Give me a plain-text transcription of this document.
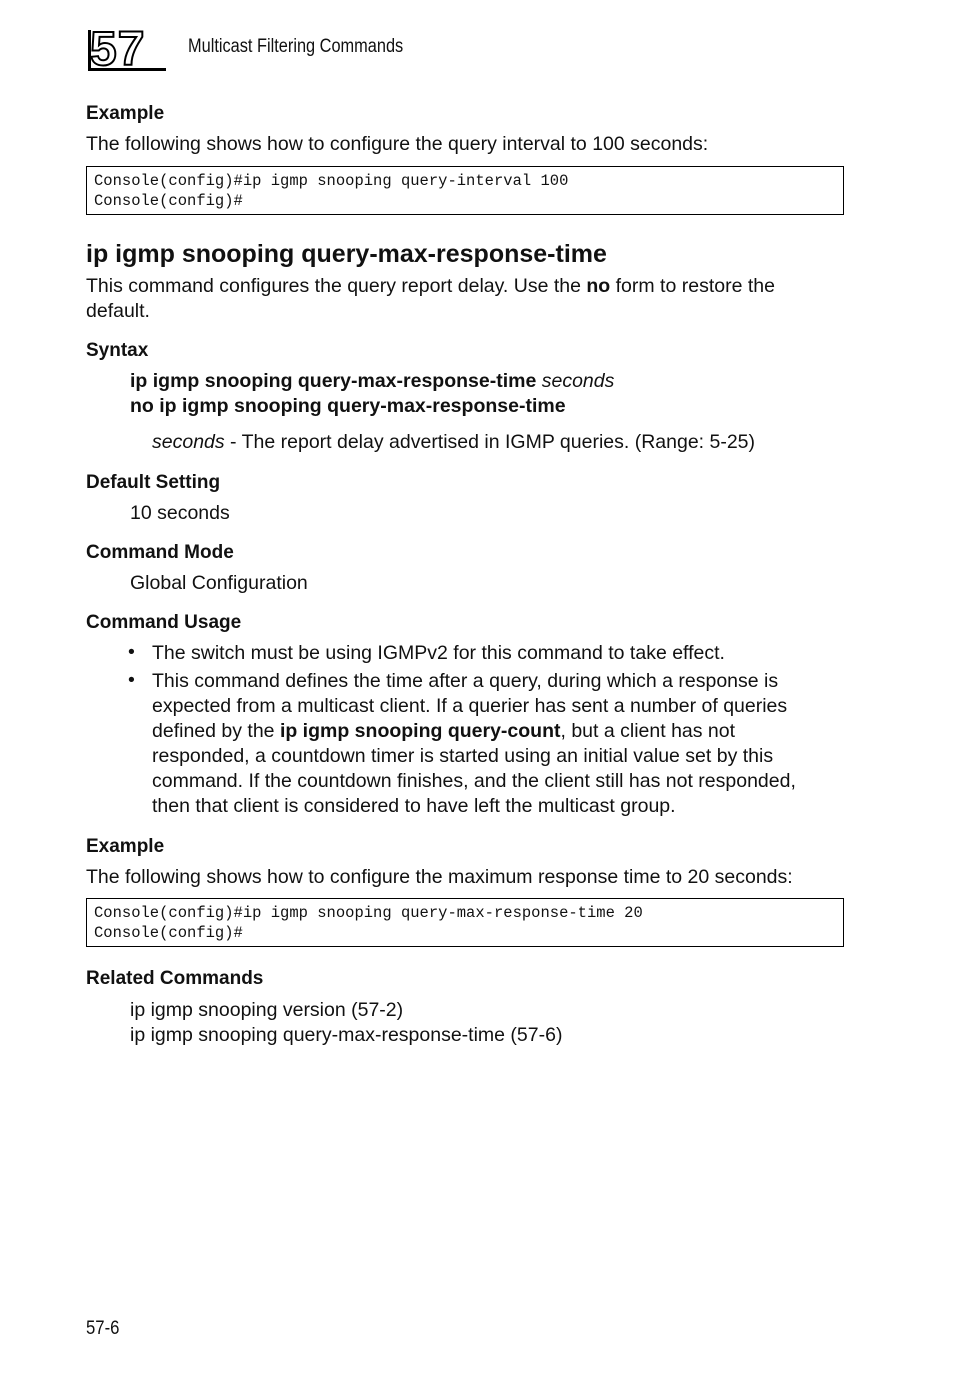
57	Multicast Filtering Commands
Example
The following shows how to configure the query interval to 100 seconds:
Console(config)#ip igmp snooping query-interval 100
Console(config)#
ip igmp snooping query-max-response-time
This command configures the query report delay. Use the no form to restore the
default.
Syntax
ip igmp snooping query-max-response-time seconds
no ip igmp snooping query-max-response-time
seconds - The report delay advertised in IGMP queries. (Range: 5-25)
Default Setting
10 seconds
Command Mode
Global Configuration
Command Usage
• The switch must be using IGMPv2 for this command to take effect.
• This command defines the time after a query, during which a response is
expected from a multicast client. If a querier has sent a number of queries
defined by the ip igmp snooping query-count, but a client has not
responded, a countdown timer is started using an initial value set by this
command. If the countdown finishes, and the client still has not responded,
then that client is considered to have left the multicast group.
Example
The following shows how to configure the maximum response time to 20 seconds:
Console(config)#ip igmp snooping query-max-response-time 20
Console(config)#
Related Commands
ip igmp snooping version (57-2)
ip igmp snooping query-max-response-time (57-6)
57-6
